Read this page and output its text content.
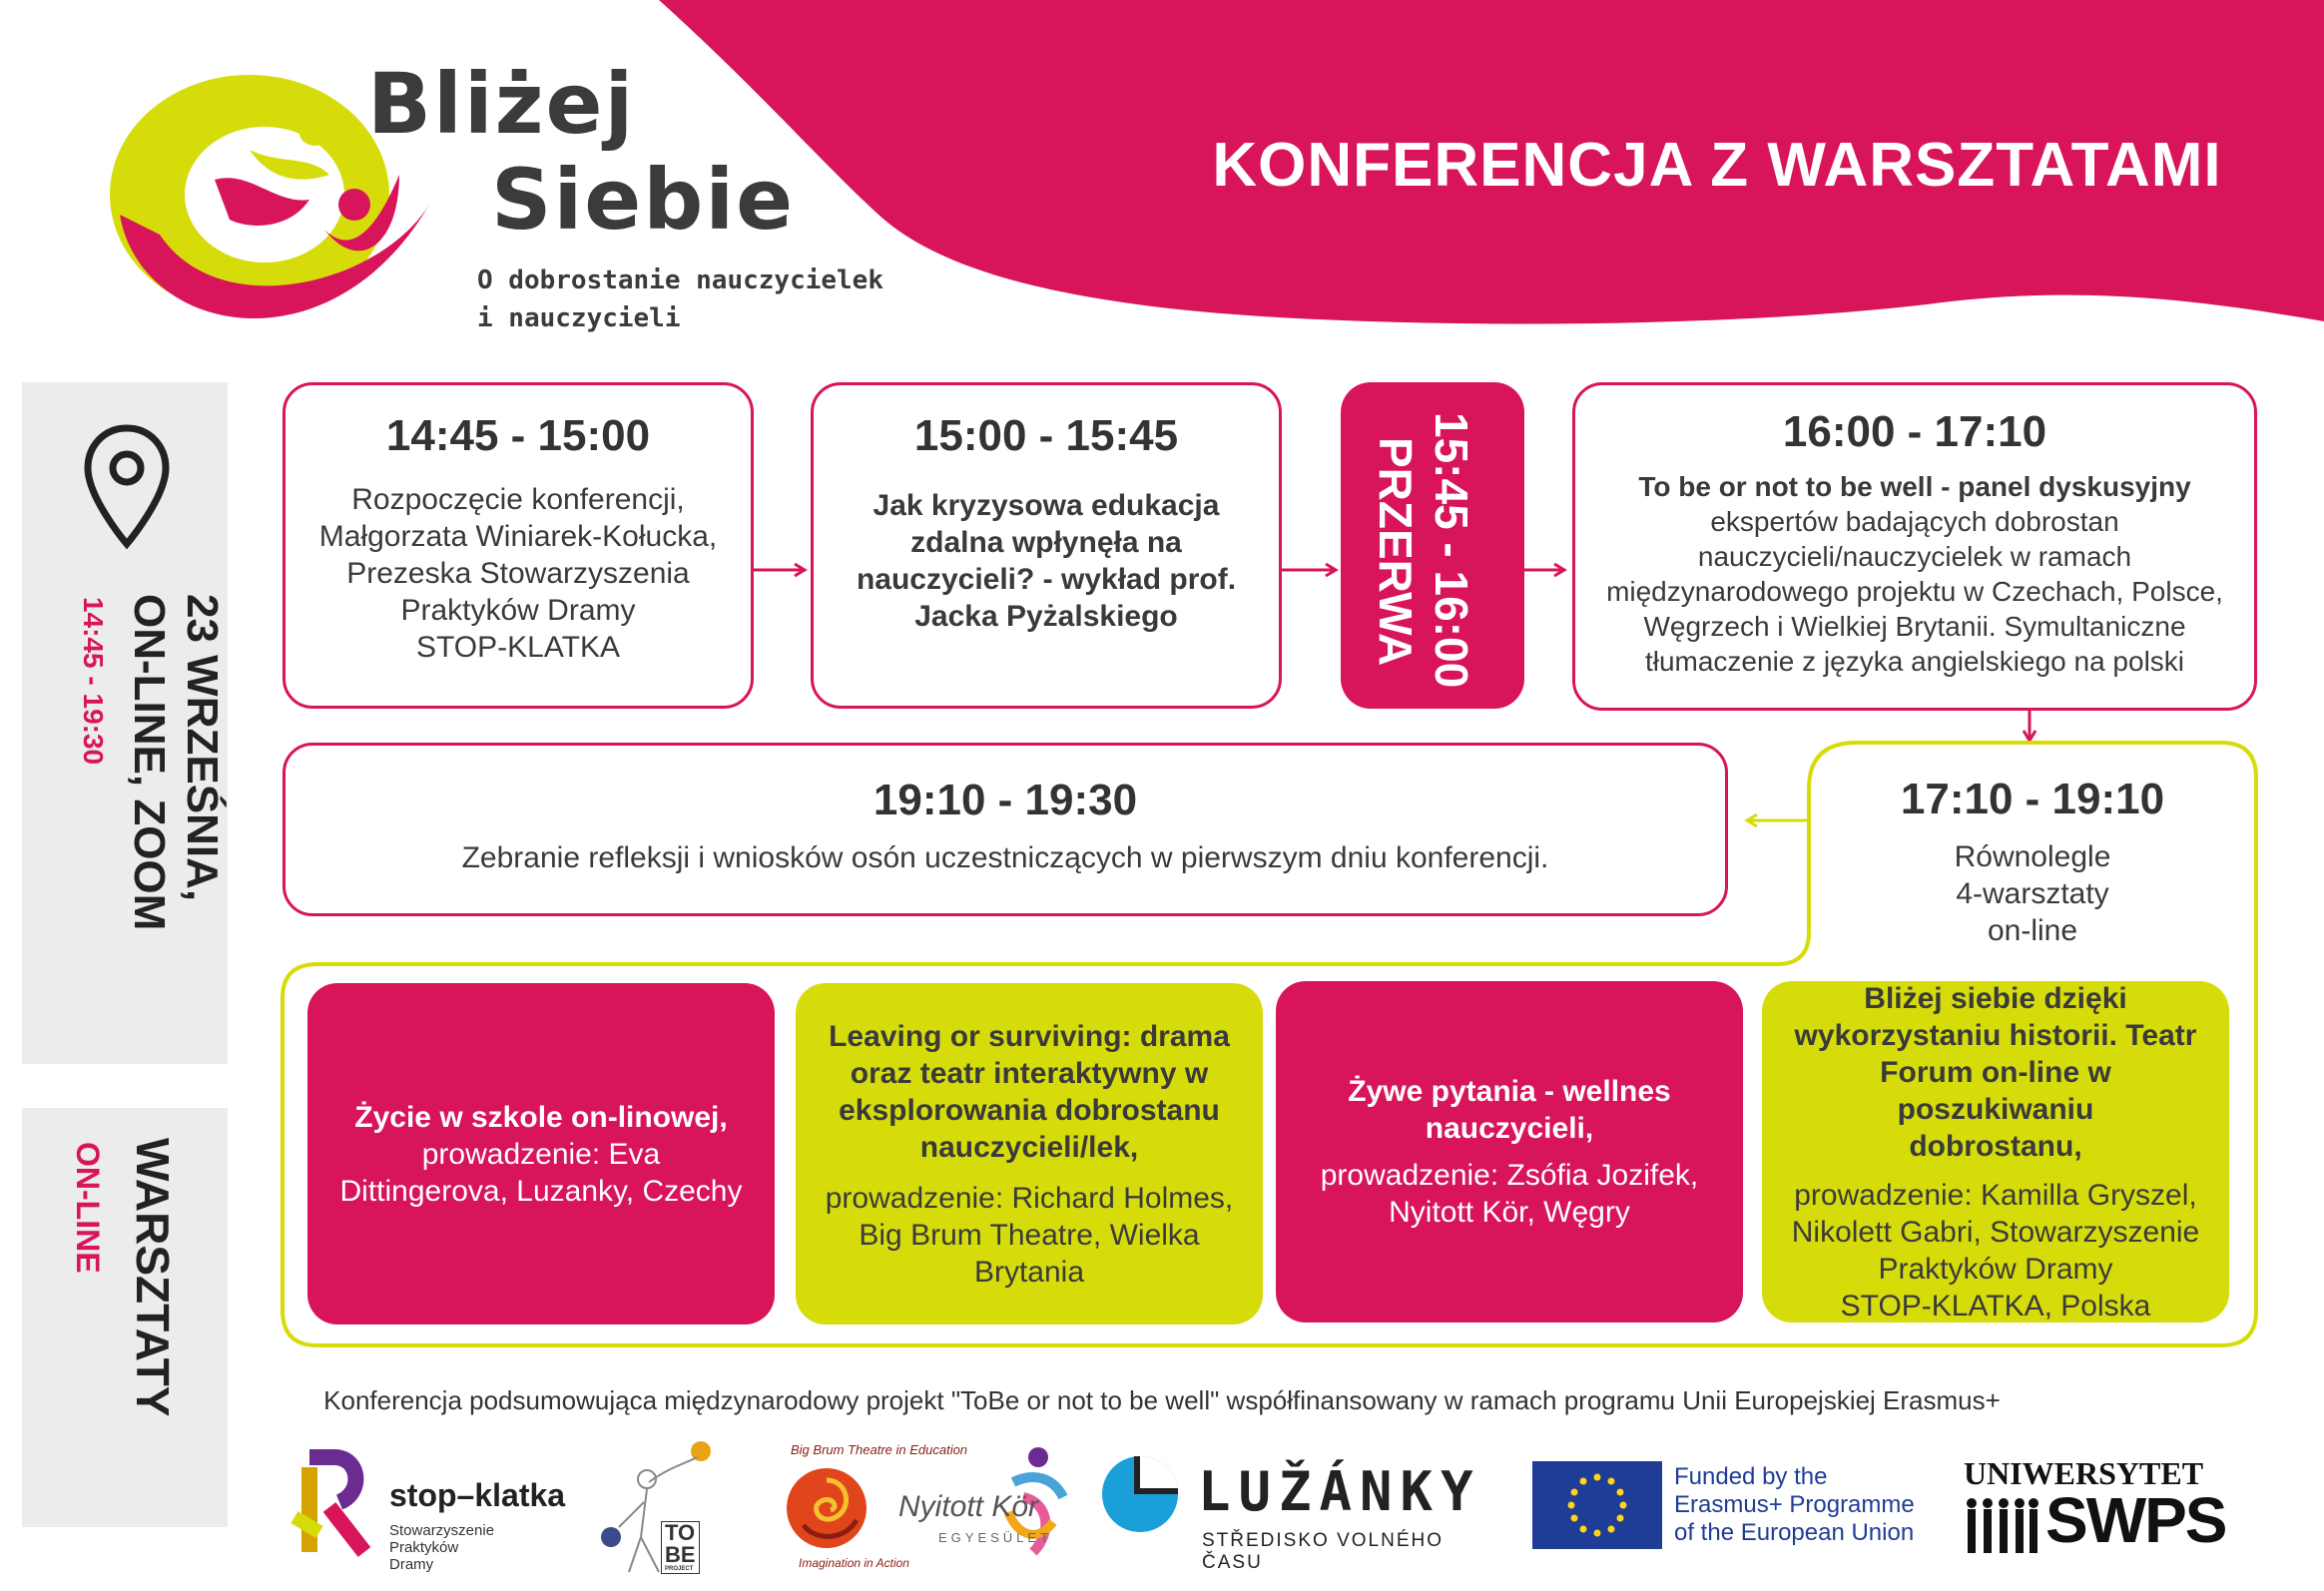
KONFERENCJA Z WARSZTATAMI
Bliżej
Siebie
O dobrostanie nauczycielek
i nauczycieli
23 WRZEŚNIA,
ON-LINE, ZOOM
14:45 - 19:30
WARSZTATY
ON-LINE
14:45 - 15:00
Rozpoczęcie konferencji,
Małgorzata Winiarek-Kołucka,
Prezeska Stowarzyszenia
Praktyków Dramy
STOP-KLATKA
15:00 - 15:45
Jak kryzysowa edukacja
zdalna wpłynęła na
nauczycieli? - wykład prof.
Jacka Pyżalskiego	15:45 - 16:00
PRZERWA
16:00 - 17:10
To be or not to be well - panel dyskusyjny
ekspertów badających dobrostan
nauczycieli/nauczycielek w ramach
międzynarodowego projektu w Czechach, Polsce,
Węgrzech i Wielkiej Brytanii. Symultaniczne
tłumaczenie z języka angielskiego na polski
19:10 - 19:30
Zebranie refleksji i wniosków osón uczestniczących w pierwszym dniu konferencji.
17:10 - 19:10
Równolegle
4-warsztaty
on-line
Życie w szkole on-linowej,
prowadzenie: Eva
Dittingerova, Luzanky, Czechy
Leaving or surviving: drama
oraz teatr interaktywny w
eksplorowania dobrostanu
nauczycieli/lek,
prowadzenie: Richard Holmes,
Big Brum Theatre, Wielka
Brytania
Żywe pytania - wellnes
nauczycieli,
prowadzenie: Zsófia Jozifek,
Nyitott Kör, Węgry
Bliżej siebie dzięki
wykorzystaniu historii. Teatr
Forum on-line w poszukiwaniu
dobrostanu,
prowadzenie: Kamilla Gryszel,
Nikolett Gabri, Stowarzyszenie
Praktyków Dramy
STOP-KLATKA, Polska
Konferencja podsumowująca międzynarodowy projekt "ToBe or not to be well" współfinansowany w ramach programu Unii Europejskiej Erasmus+
stop–klatka
Stowarzyszenie
Praktyków
Dramy
TO
BE
PROJECT
Big Brum Theatre in Education
Imagination in Action
Nyitott Kör
EGYESÜLET
LUŽÁNKY
STŘEDISKO VOLNÉHO ČASU
Funded by the
Erasmus+ Programme
of the European Union
UNIWERSYTET
SWPS
